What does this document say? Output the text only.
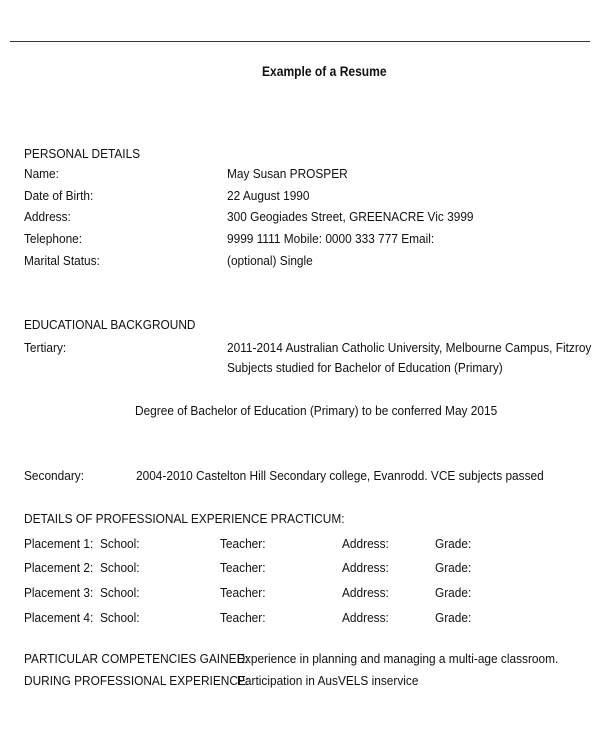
Example of a Resume
PERSONAL DETAILS
Name:	May Susan PROSPER
Date of Birth:	22 August 1990
Address:	300 Geogiades Street, GREENACRE Vic 3999
Telephone:	9999 1111 Mobile: 0000 333 777 Email:
Marital Status:	(optional) Single
EDUCATIONAL BACKGROUND
Tertiary:	2011-2014 Australian Catholic University, Melbourne Campus, Fitzroy
Subjects studied for Bachelor of Education (Primary)
Degree of Bachelor of Education (Primary) to be conferred May 2015
Secondary:	2004-2010 Castelton Hill Secondary college, Evanrodd. VCE subjects passed
DETAILS OF PROFESSIONAL EXPERIENCE PRACTICUM:
Placement 1: School:	Teacher:	Address:	Grade:
Placement 2: School:	Teacher:	Address:	Grade:
Placement 3: School:	Teacher:	Address:	Grade:
Placement 4: School:	Teacher:	Address:	Grade:
PARTICULAR COMPETENCIES GAINED:
Experience in planning and managing a multi-age classroom.
DURING PROFESSIONAL EXPERIENCE:
Participation in AusVELS inservice
